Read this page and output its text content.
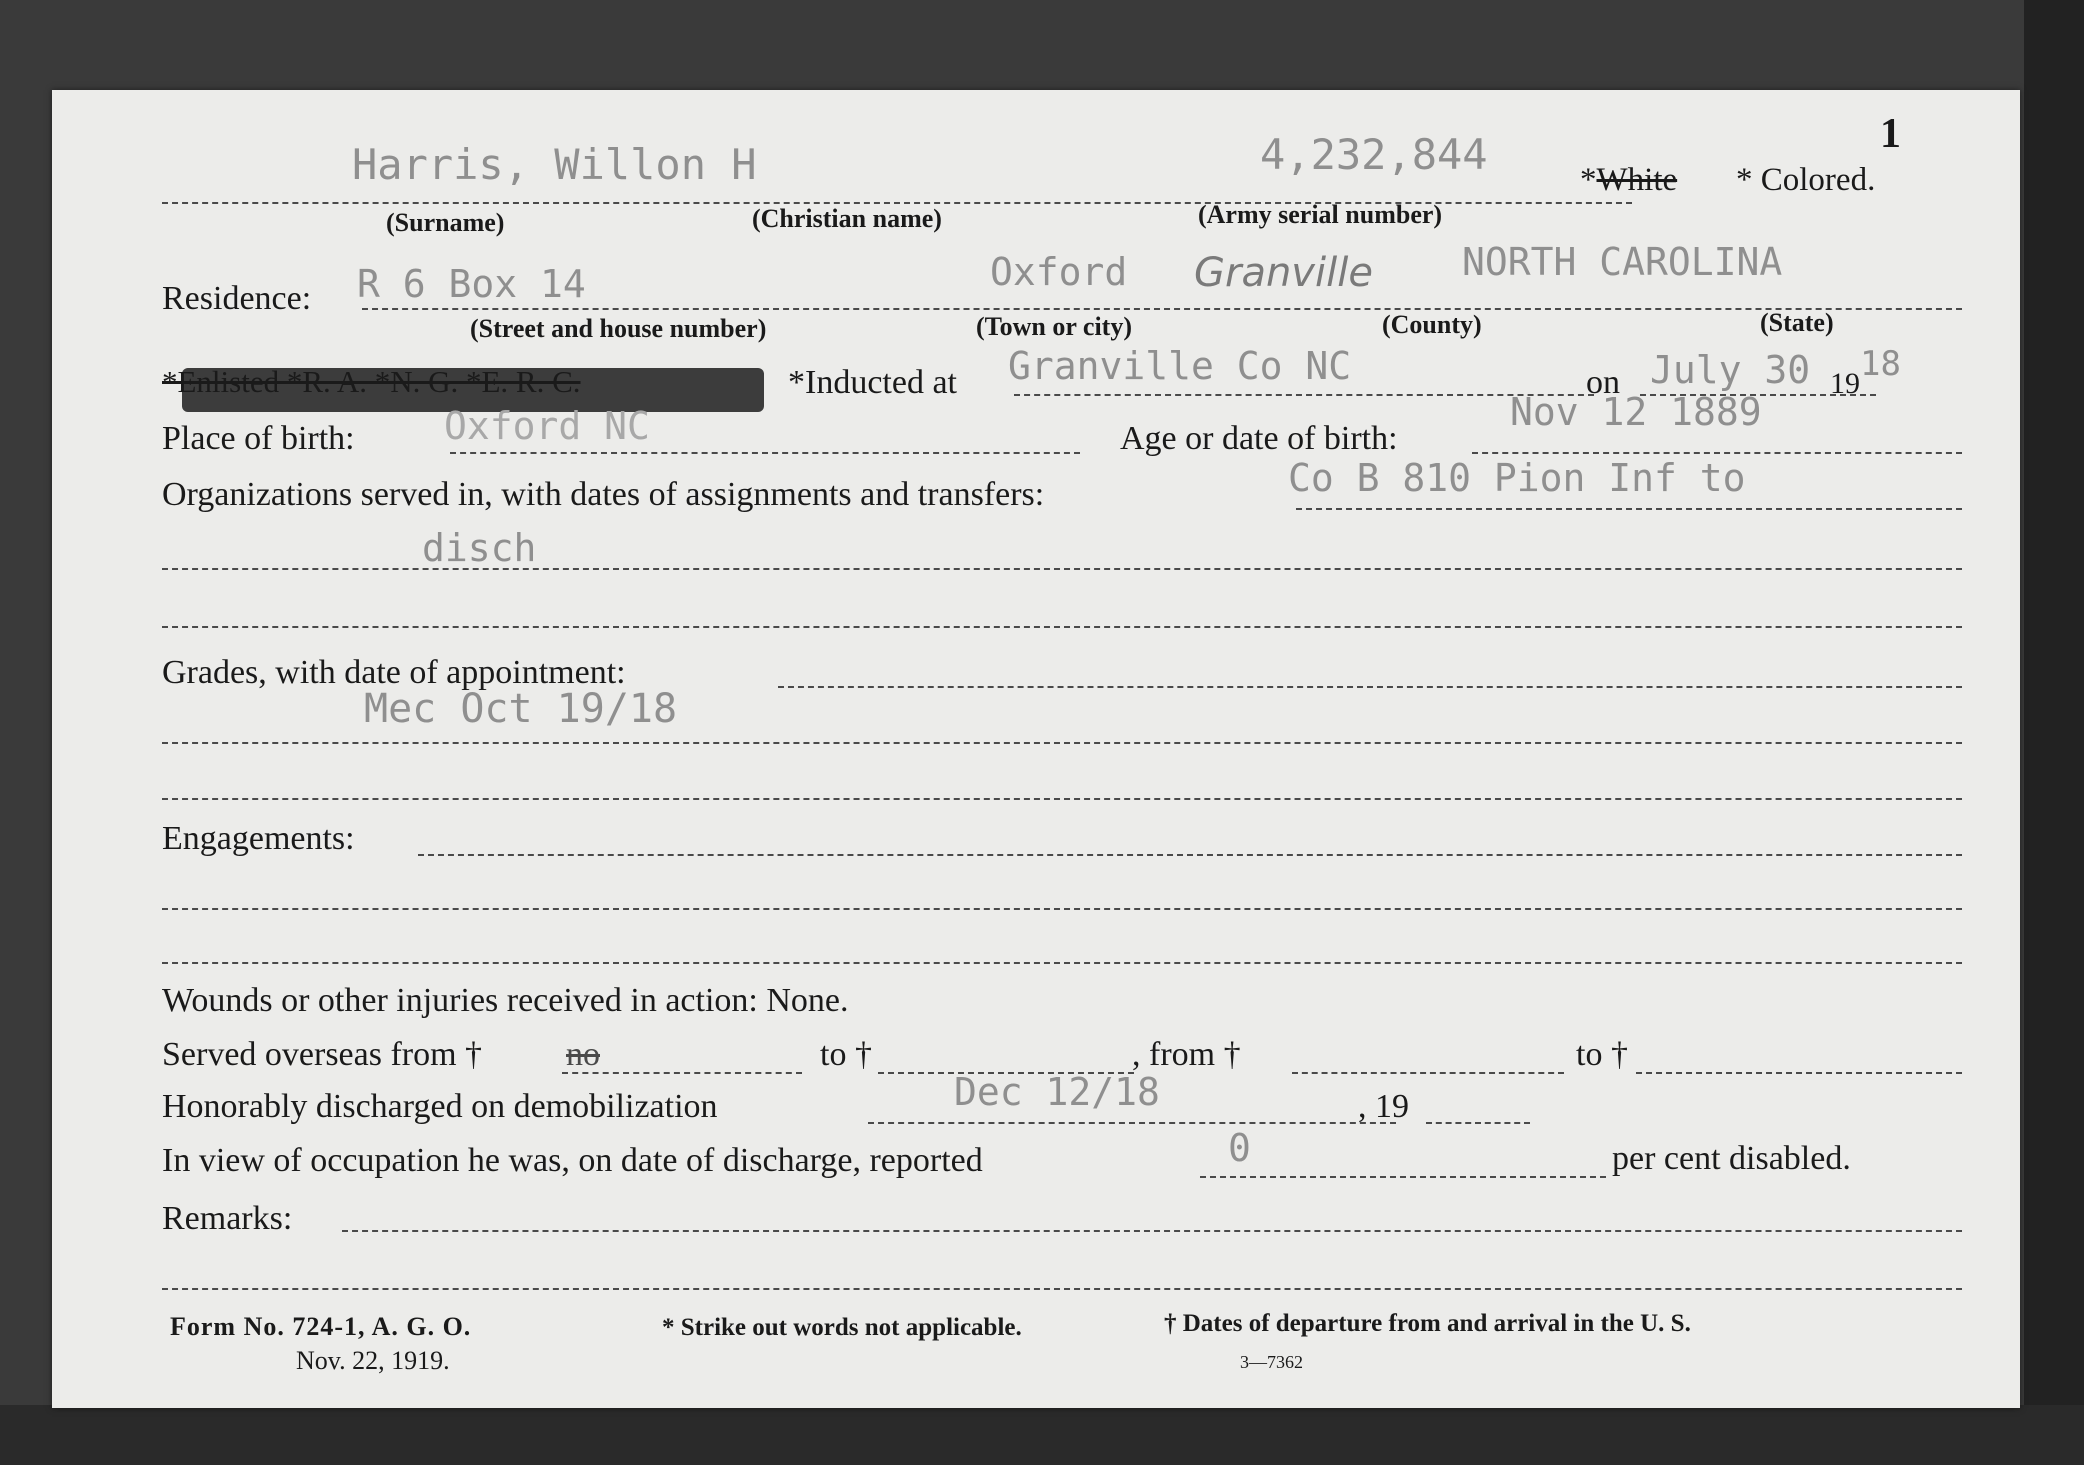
1
Harris, Willon H	4,232,844
*White * Colored.
(Surname)	(Christian name)	(Army serial number)
Residence: R 6 Box 14	Oxford Granville NORTH CAROLINA
(Street and house number)	(Town or city)	(County)	(State)
*Enlisted *R. A. *N. G. *E. R. C.	*Inducted at Granville Co NC	on July 30 1918
Place of birth: Oxford NC	Age or date of birth:
Nov 12 1889
Organizations served in, with dates of assignments and transfers:	Co B 810 Pion Inf to
disch
Grades, with date of appointment:
Mec Oct 19/18
Engagements:
Wounds or other injuries received in action: None.
Served overseas from † no	to †	, from †	to †
Honorably discharged on demobilization	Dec 12/18	, 19
In view of occupation he was, on date of discharge, reported	0	per cent disabled.
Remarks:
Form No. 724-1, A. G. O.
Nov. 22, 1919.
* Strike out words not applicable.	† Dates of departure from and arrival in the U. S.
3—7362
